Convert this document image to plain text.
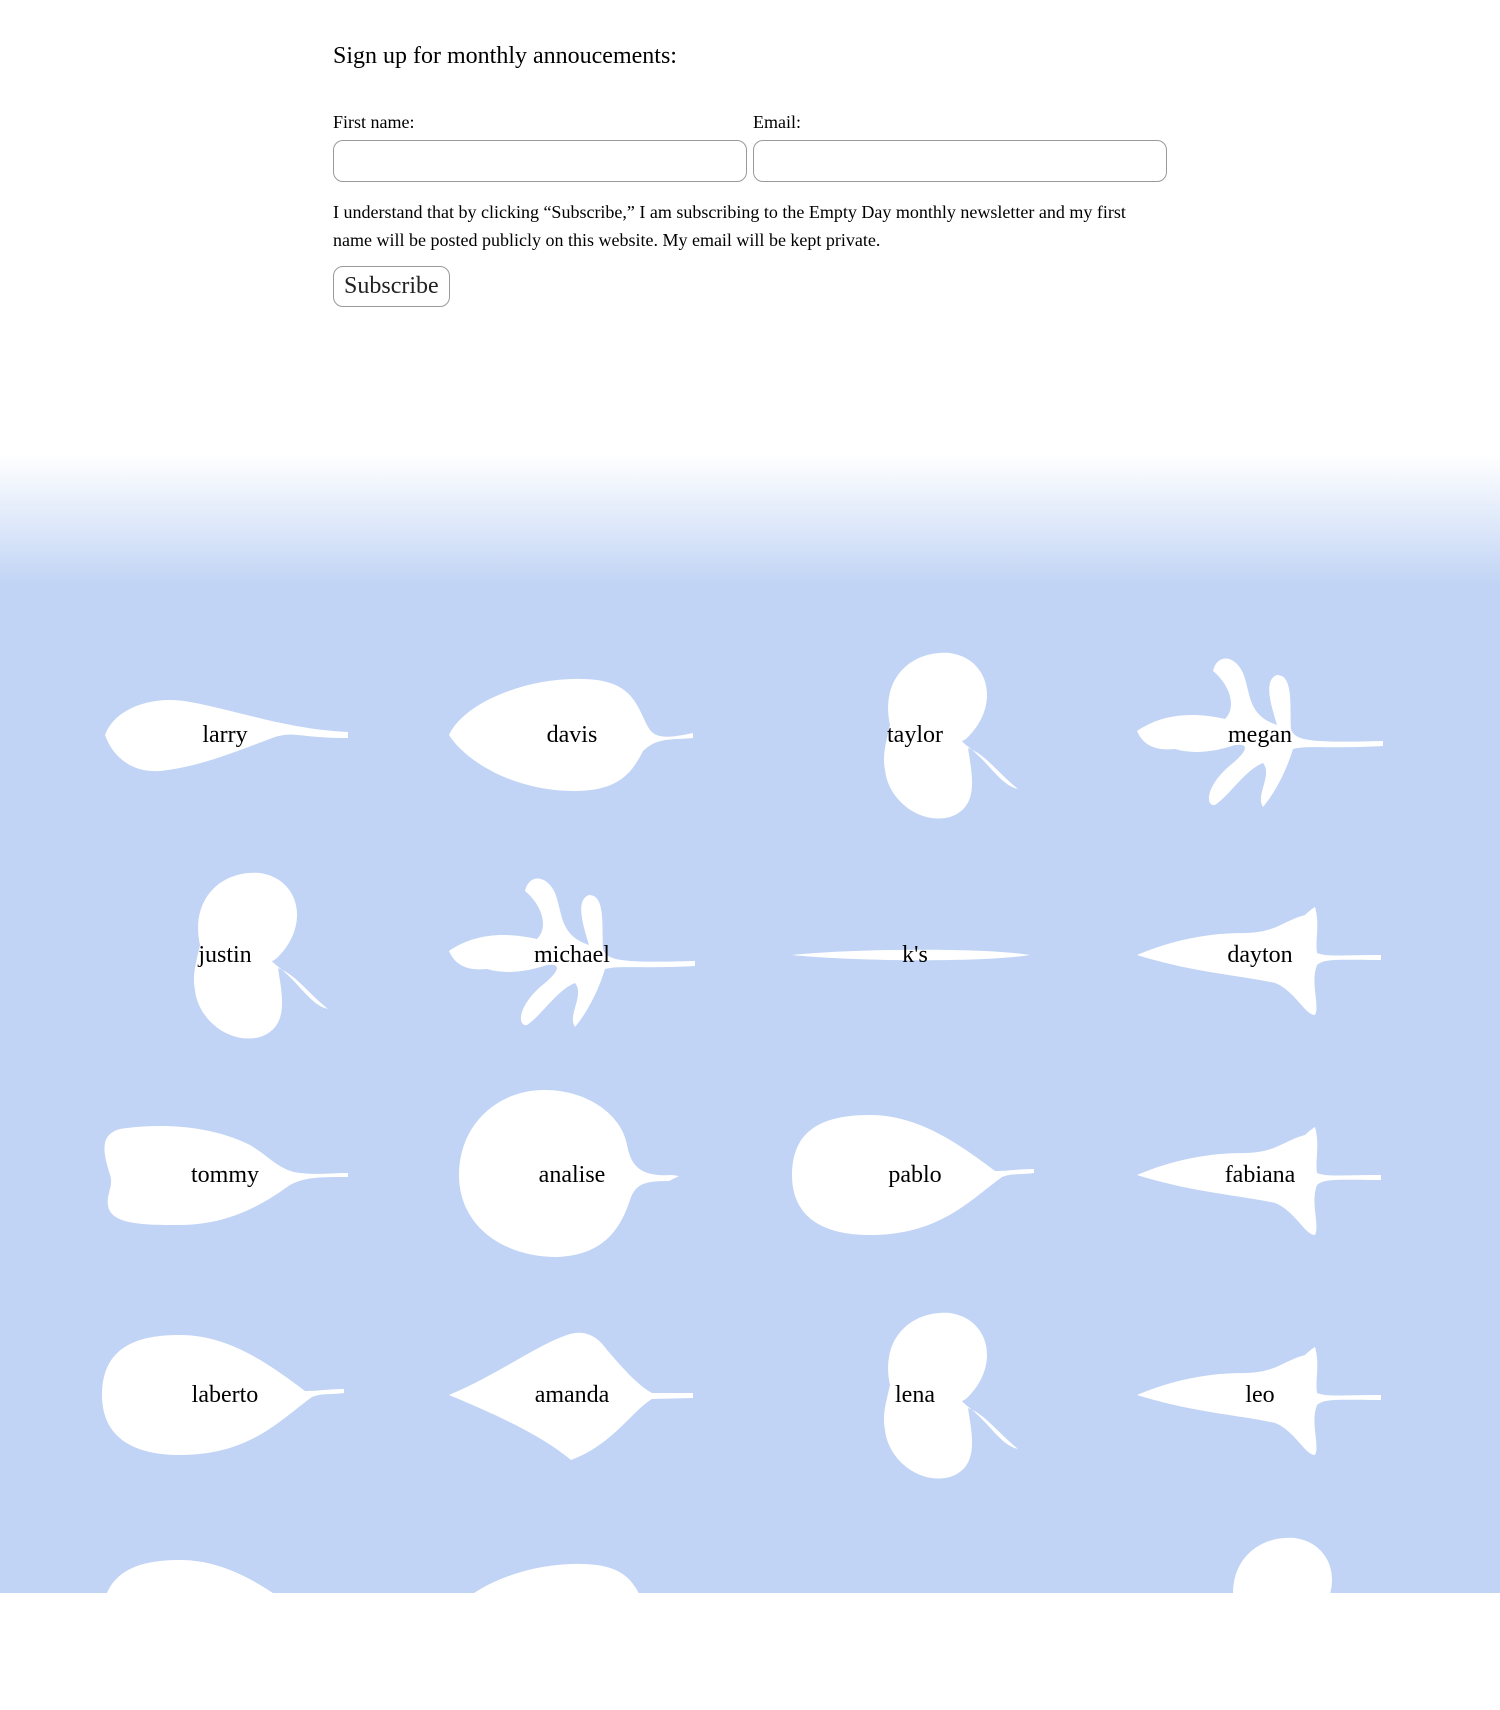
Sign up for monthly annoucements:
First name:	Email:

I understand that by clicking “Subscribe,” I am subscribing to the Empty Day monthly newsletter and my first name will be posted publicly on this website. My email will be kept private.

Subscribe
larry	davis	taylor	megan
justin	michael	k's	dayton
tommy	analise	pablo	fabiana
laberto	amanda	lena	leo
